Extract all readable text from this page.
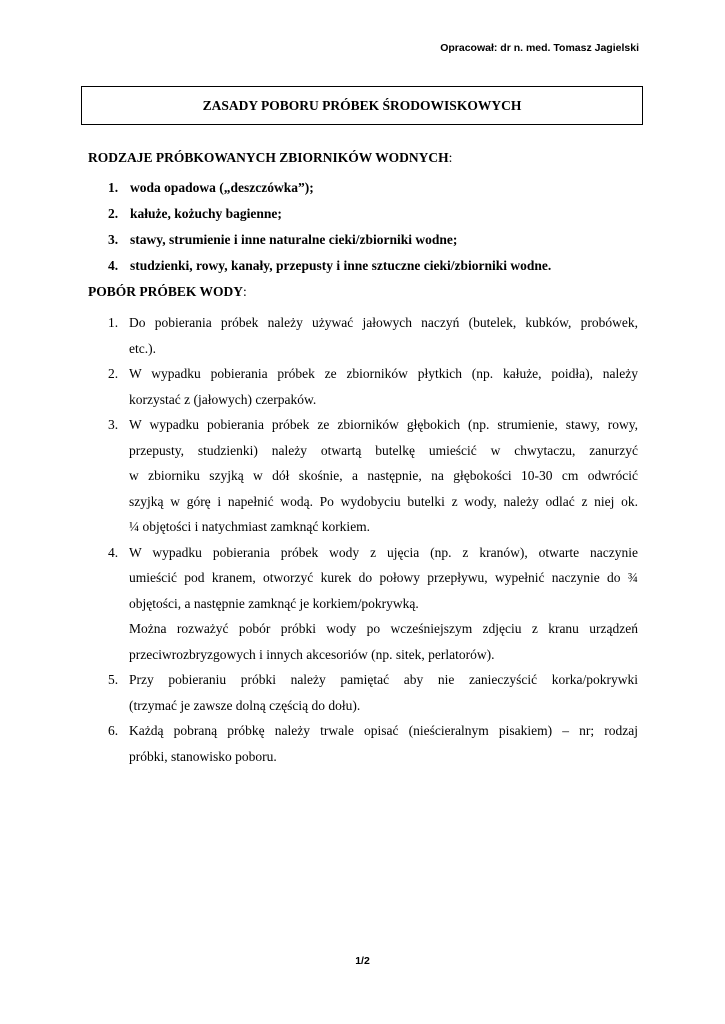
Opracował: dr n. med. Tomasz Jagielski
ZASADY POBORU PRÓBEK ŚRODOWISKOWYCH
RODZAJE PRÓBKOWANYCH ZBIORNIKÓW WODNYCH:
1. woda opadowa („deszczówka”);
2. kałuże, kożuchy bagienne;
3. stawy, strumienie i inne naturalne cieki/zbiorniki wodne;
4. studzienki, rowy, kanały, przepusty i inne sztuczne cieki/zbiorniki wodne.
POBÓR PRÓBEK WODY:
1. Do pobierania próbek należy używać jałowych naczyń (butelek, kubków, probówek,
etc.).
2. W wypadku pobierania próbek ze zbiorników płytkich (np. kałuże, poidła), należy
korzystać z (jałowych) czerpaków.
3. W wypadku pobierania próbek ze zbiorników głębokich (np. strumienie, stawy, rowy,
przepusty, studzienki) należy otwartą butelkę umieścić w chwytaczu, zanurzyć
w zbiorniku szyjką w dół skośnie, a następnie, na głębokości 10-30 cm odwrócić
szyjką w górę i napełnić wodą. Po wydobyciu butelki z wody, należy odlać z niej ok.
¼ objętości i natychmiast zamknąć korkiem.
4. W wypadku pobierania próbek wody z ujęcia (np. z kranów), otwarte naczynie
umieścić pod kranem, otworzyć kurek do połowy przepływu, wypełnić naczynie do ¾
objętości, a następnie zamknąć je korkiem/pokrywką.
Można rozważyć pobór próbki wody po wcześniejszym zdjęciu z kranu urządzeń
przeciwrozbryzgowych i innych akcesoriów (np. sitek, perlatorów).
5. Przy pobieraniu próbki należy pamiętać aby nie zanieczyścić korka/pokrywki
(trzymać je zawsze dolną częścią do dołu).
6. Każdą pobraną próbkę należy trwale opisać (nieścieralnym pisakiem) – nr; rodzaj
próbki, stanowisko poboru.
1/2
